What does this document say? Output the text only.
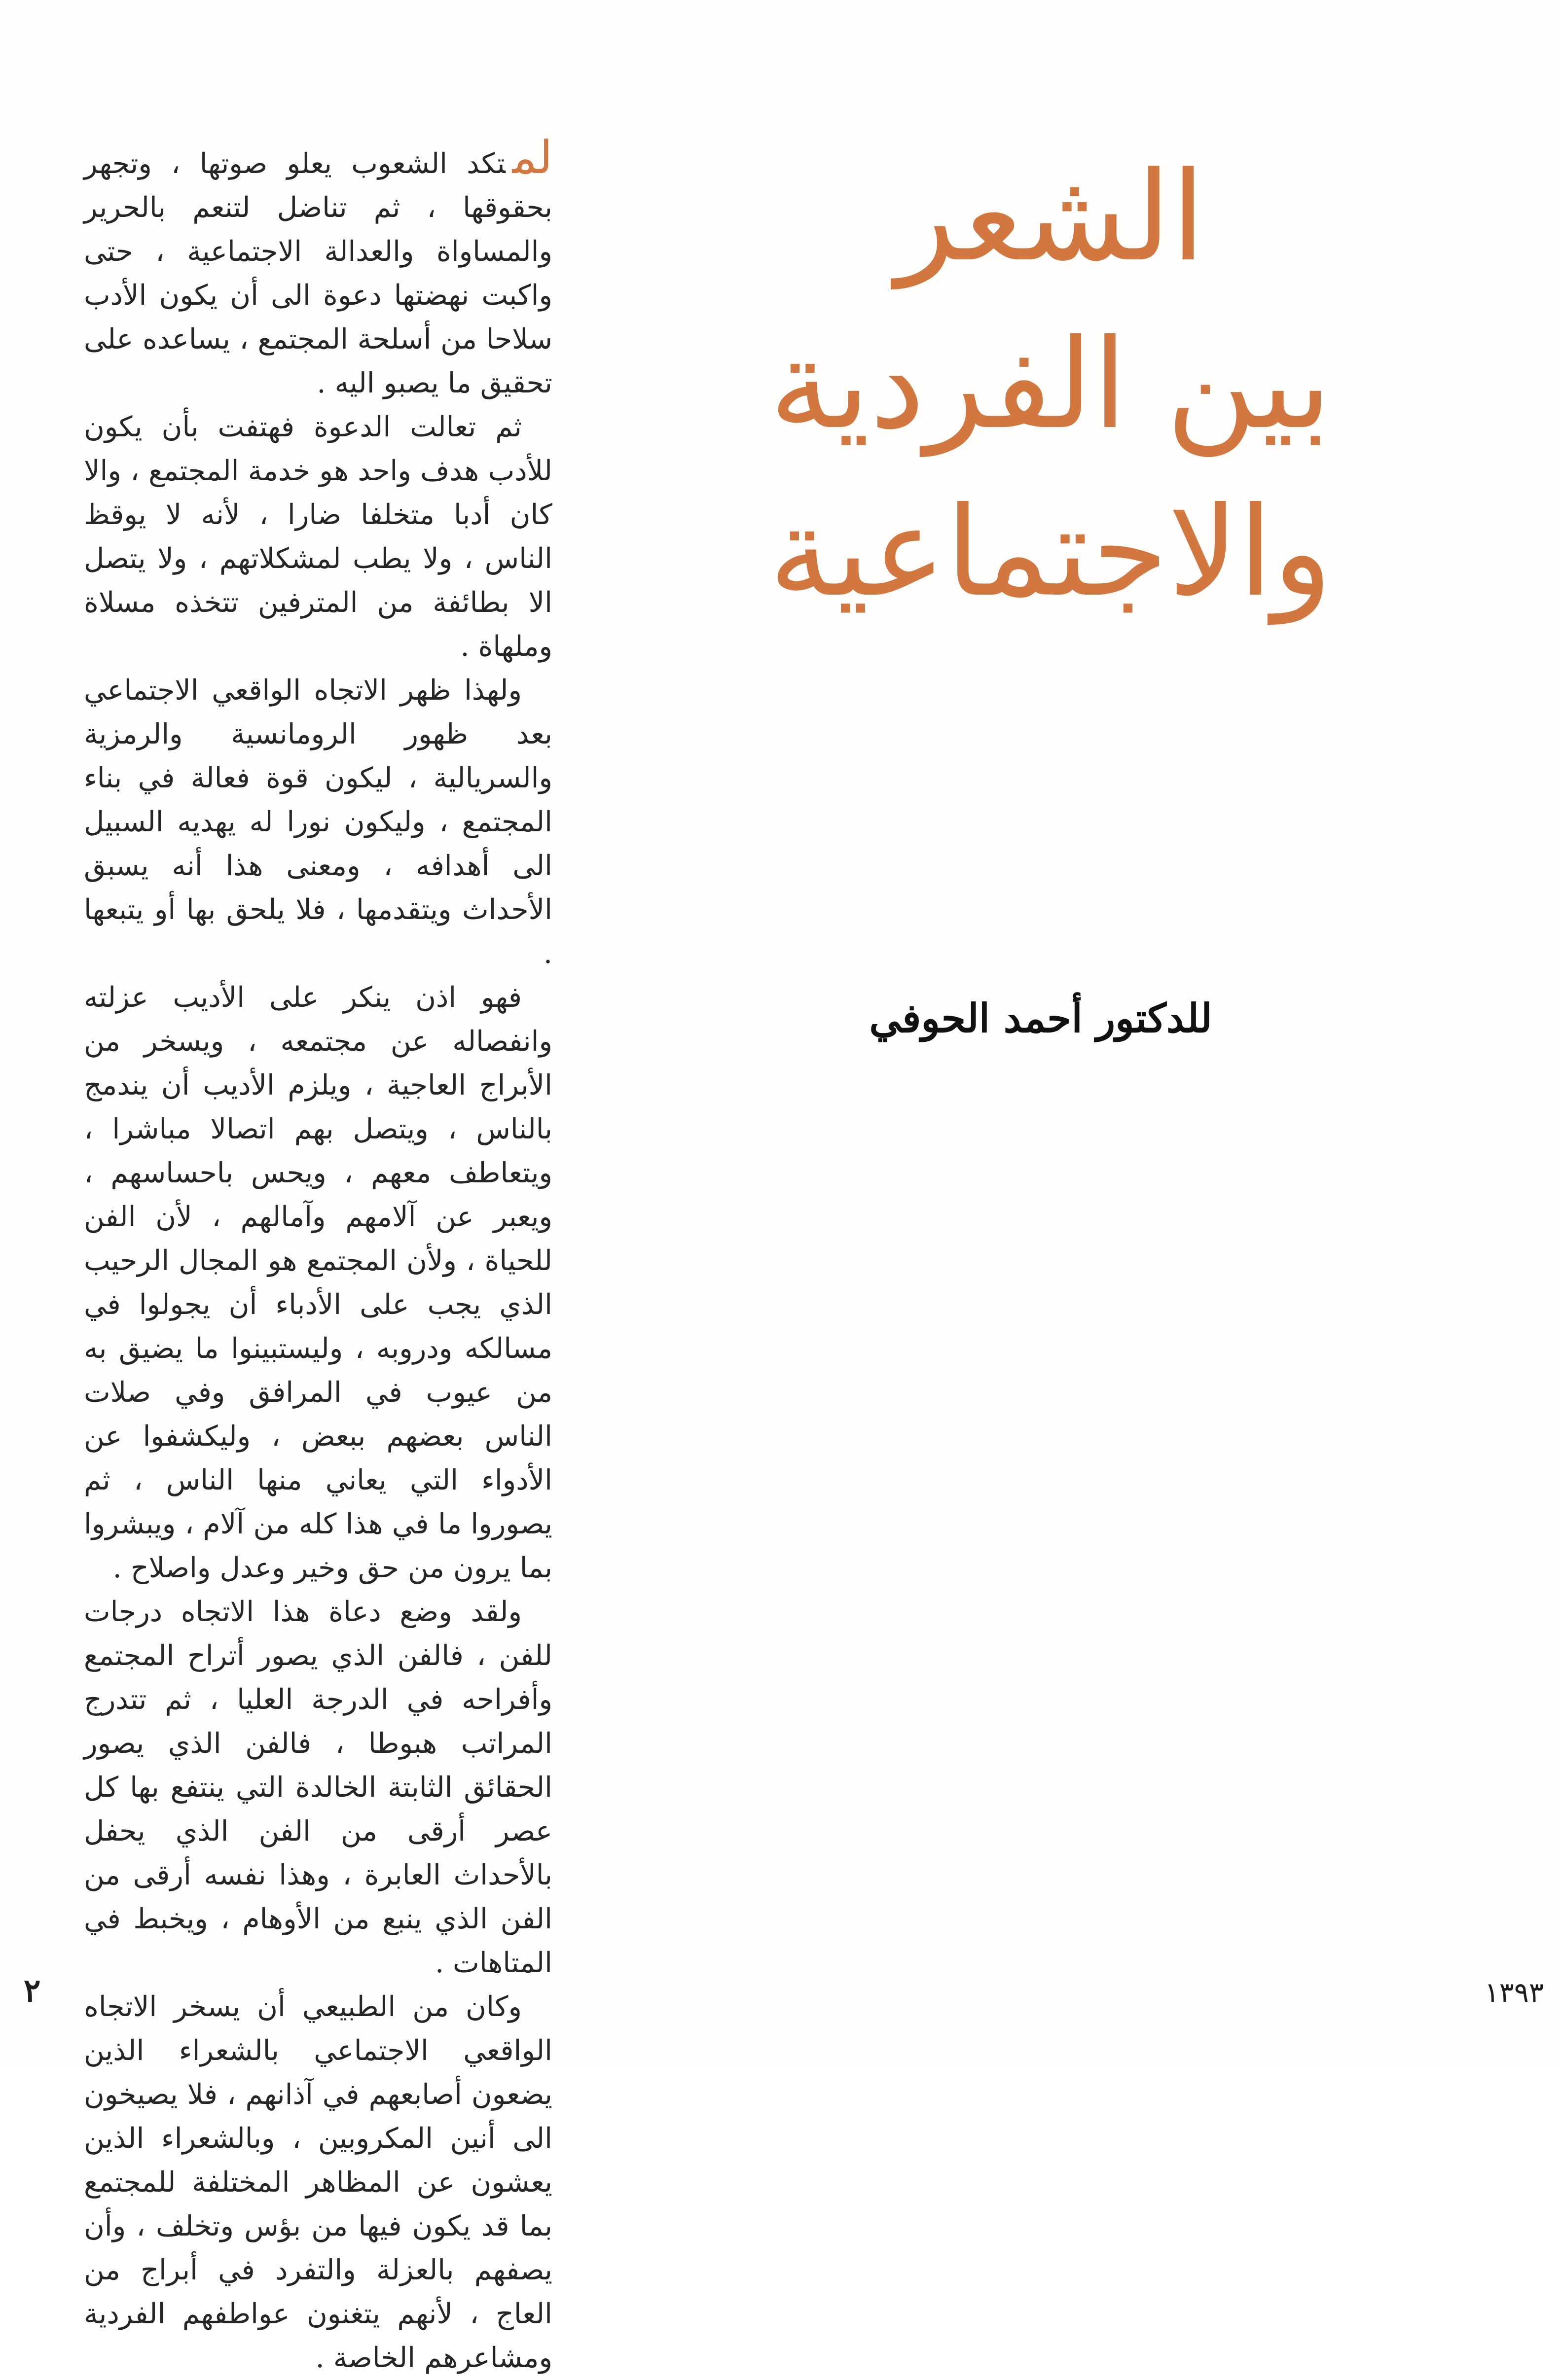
الشعر
بين الفردية
والاجتماعية
للدكتور أحمد الحوفي

لمتكد الشعوب يعلو صوتها ، وتجهر بحقوقها ، ثم تناضل لتنعم بالحرير والمساواة والعدالة الاجتماعية ، حتى واكبت نهضتها دعوة الى أن يكون الأدب سلاحا من أسلحة المجتمع ، يساعده على تحقيق ما يصبو اليه .

ثم تعالت الدعوة فهتفت بأن يكون للأدب هدف واحد هو خدمة المجتمع ، والا كان أدبا متخلفا ضارا ، لأنه لا يوقظ الناس ، ولا يطب لمشكلاتهم ، ولا يتصل الا بطائفة من المترفين تتخذه مسلاة وملهاة .

ولهذا ظهر الاتجاه الواقعي الاجتماعي بعد ظهور الرومانسية والرمزية والسريالية ، ليكون قوة فعالة في بناء المجتمع ، وليكون نورا له يهديه السبيل الى أهدافه ، ومعنى هذا أنه يسبق الأحداث ويتقدمها ، فلا يلحق بها أو يتبعها .

فهو اذن ينكر على الأديب عزلته وانفصاله عن مجتمعه ، ويسخر من الأبراج العاجية ، ويلزم الأديب أن يندمج بالناس ، ويتصل بهم اتصالا مباشرا ، ويتعاطف معهم ، ويحس باحساسهم ، ويعبر عن آلامهم وآمالهم ، لأن الفن للحياة ، ولأن المجتمع هو المجال الرحيب الذي يجب على الأدباء أن يجولوا في مسالكه ودروبه ، وليستبينوا ما يضيق به من عيوب في المرافق وفي صلات الناس بعضهم ببعض ، وليكشفوا عن الأدواء التي يعاني منها الناس ، ثم يصوروا ما في هذا كله من آلام ، ويبشروا بما يرون من حق وخير وعدل واصلاح .

ولقد وضع دعاة هذا الاتجاه درجات للفن ، فالفن الذي يصور أتراح المجتمع وأفراحه في الدرجة العليا ، ثم تتدرج المراتب هبوطا ، فالفن الذي يصور الحقائق الثابتة الخالدة التي ينتفع بها كل عصر أرقى من الفن الذي يحفل بالأحداث العابرة ، وهذا نفسه أرقى من الفن الذي ينبع من الأوهام ، ويخبط في المتاهات .

وكان من الطبيعي أن يسخر الاتجاه الواقعي الاجتماعي بالشعراء الذين يضعون أصابعهم في آذانهم ، فلا يصيخون الى أنين المكروبين ، وبالشعراء الذين يعشون عن المظاهر المختلفة للمجتمع بما قد يكون فيها من بؤس وتخلف ، وأن يصفهم بالعزلة والتفرد في أبراج من العاج ، لأنهم يتغنون عواطفهم الفردية ومشاعرهم الخاصة .

٢	١٣٩٣
